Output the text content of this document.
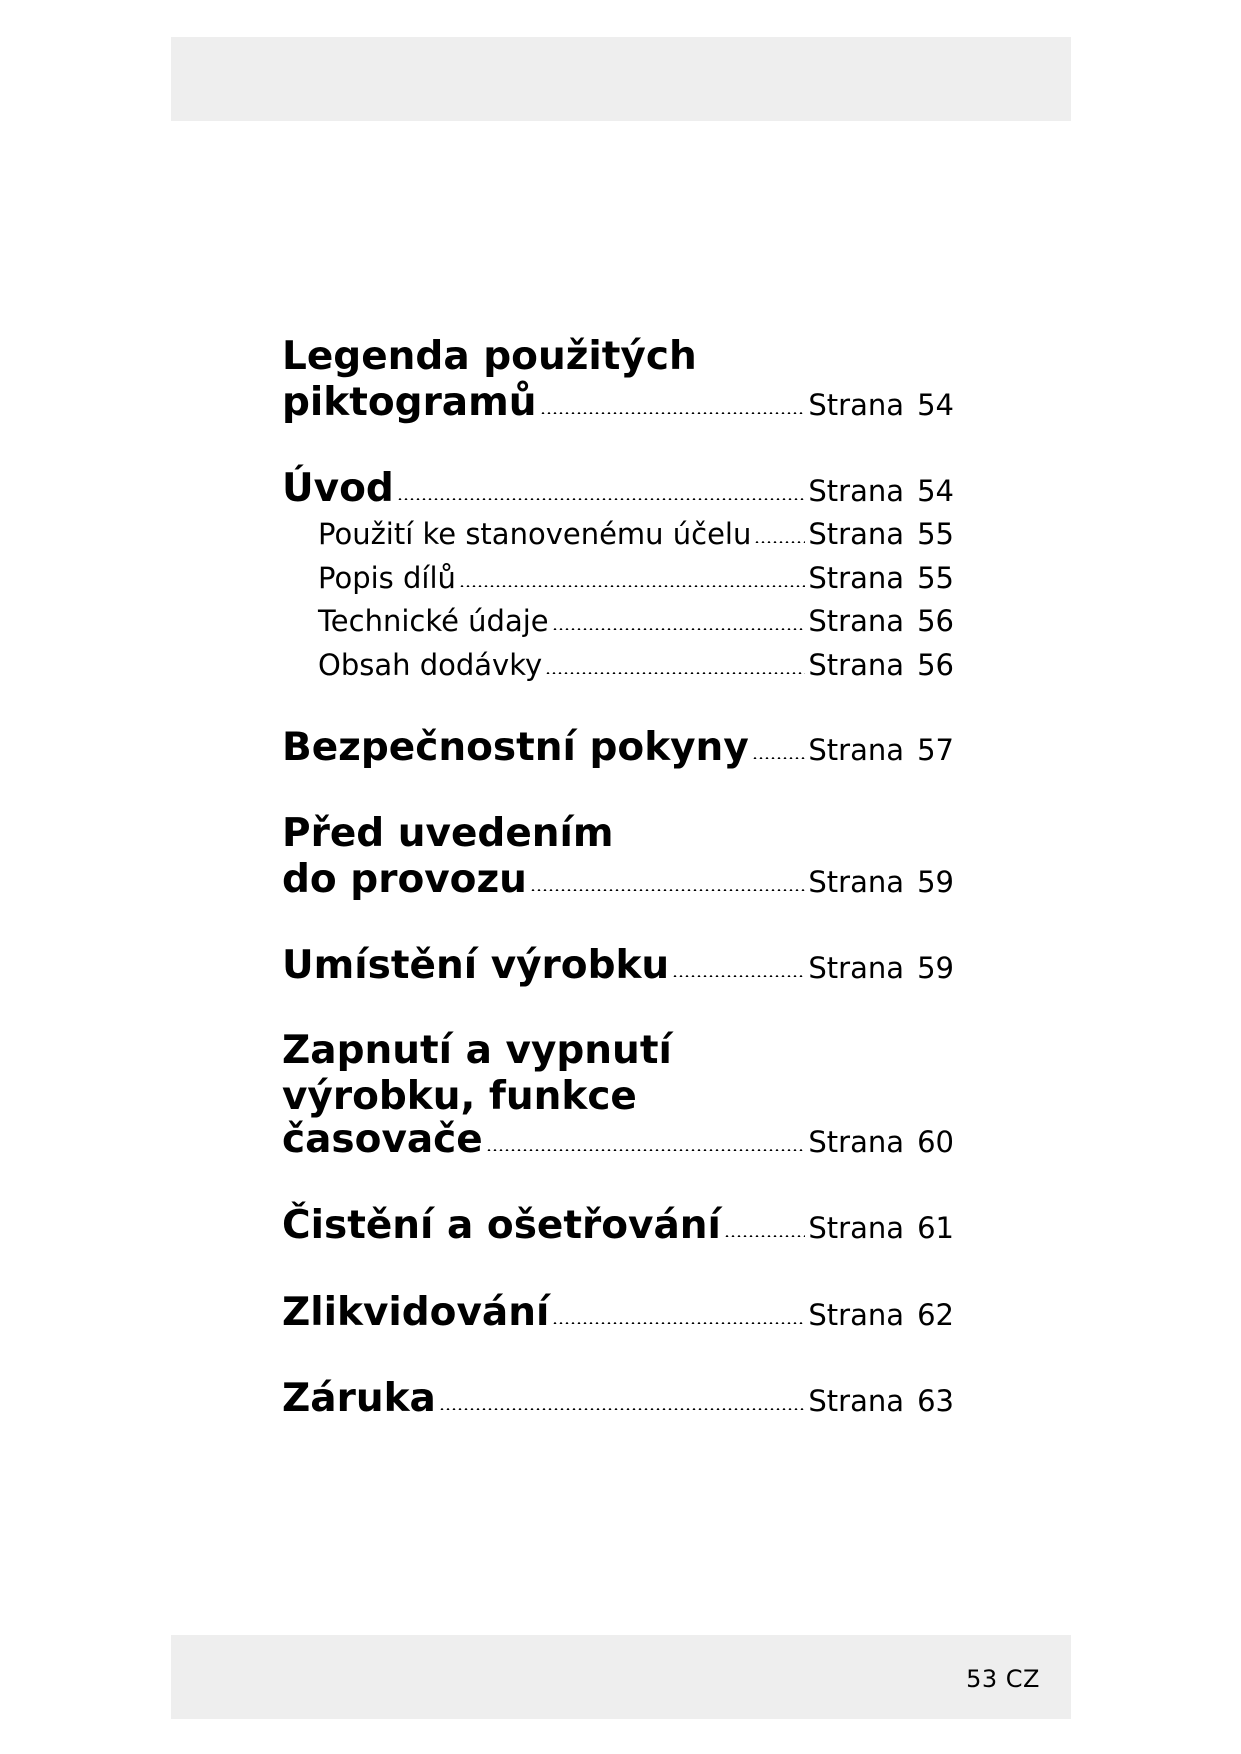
Legenda použitých
piktogramů	Strana 54
Úvod	Strana 54
Použití ke stanovenému účelu Strana 55
Popis dílů	Strana 55
Technické údaje	Strana 56
Obsah dodávky	Strana 56
Bezpečnostní pokyny Strana 57
Před uvedením
do provozu	Strana 59
Umístění výrobku	Strana 59
Zapnutí a vypnutí
výrobku, funkce
časovače	Strana 60
Čistění a ošetřování	Strana 61
Zlikvidování	Strana 62
Záruka	Strana 63
53 CZ
